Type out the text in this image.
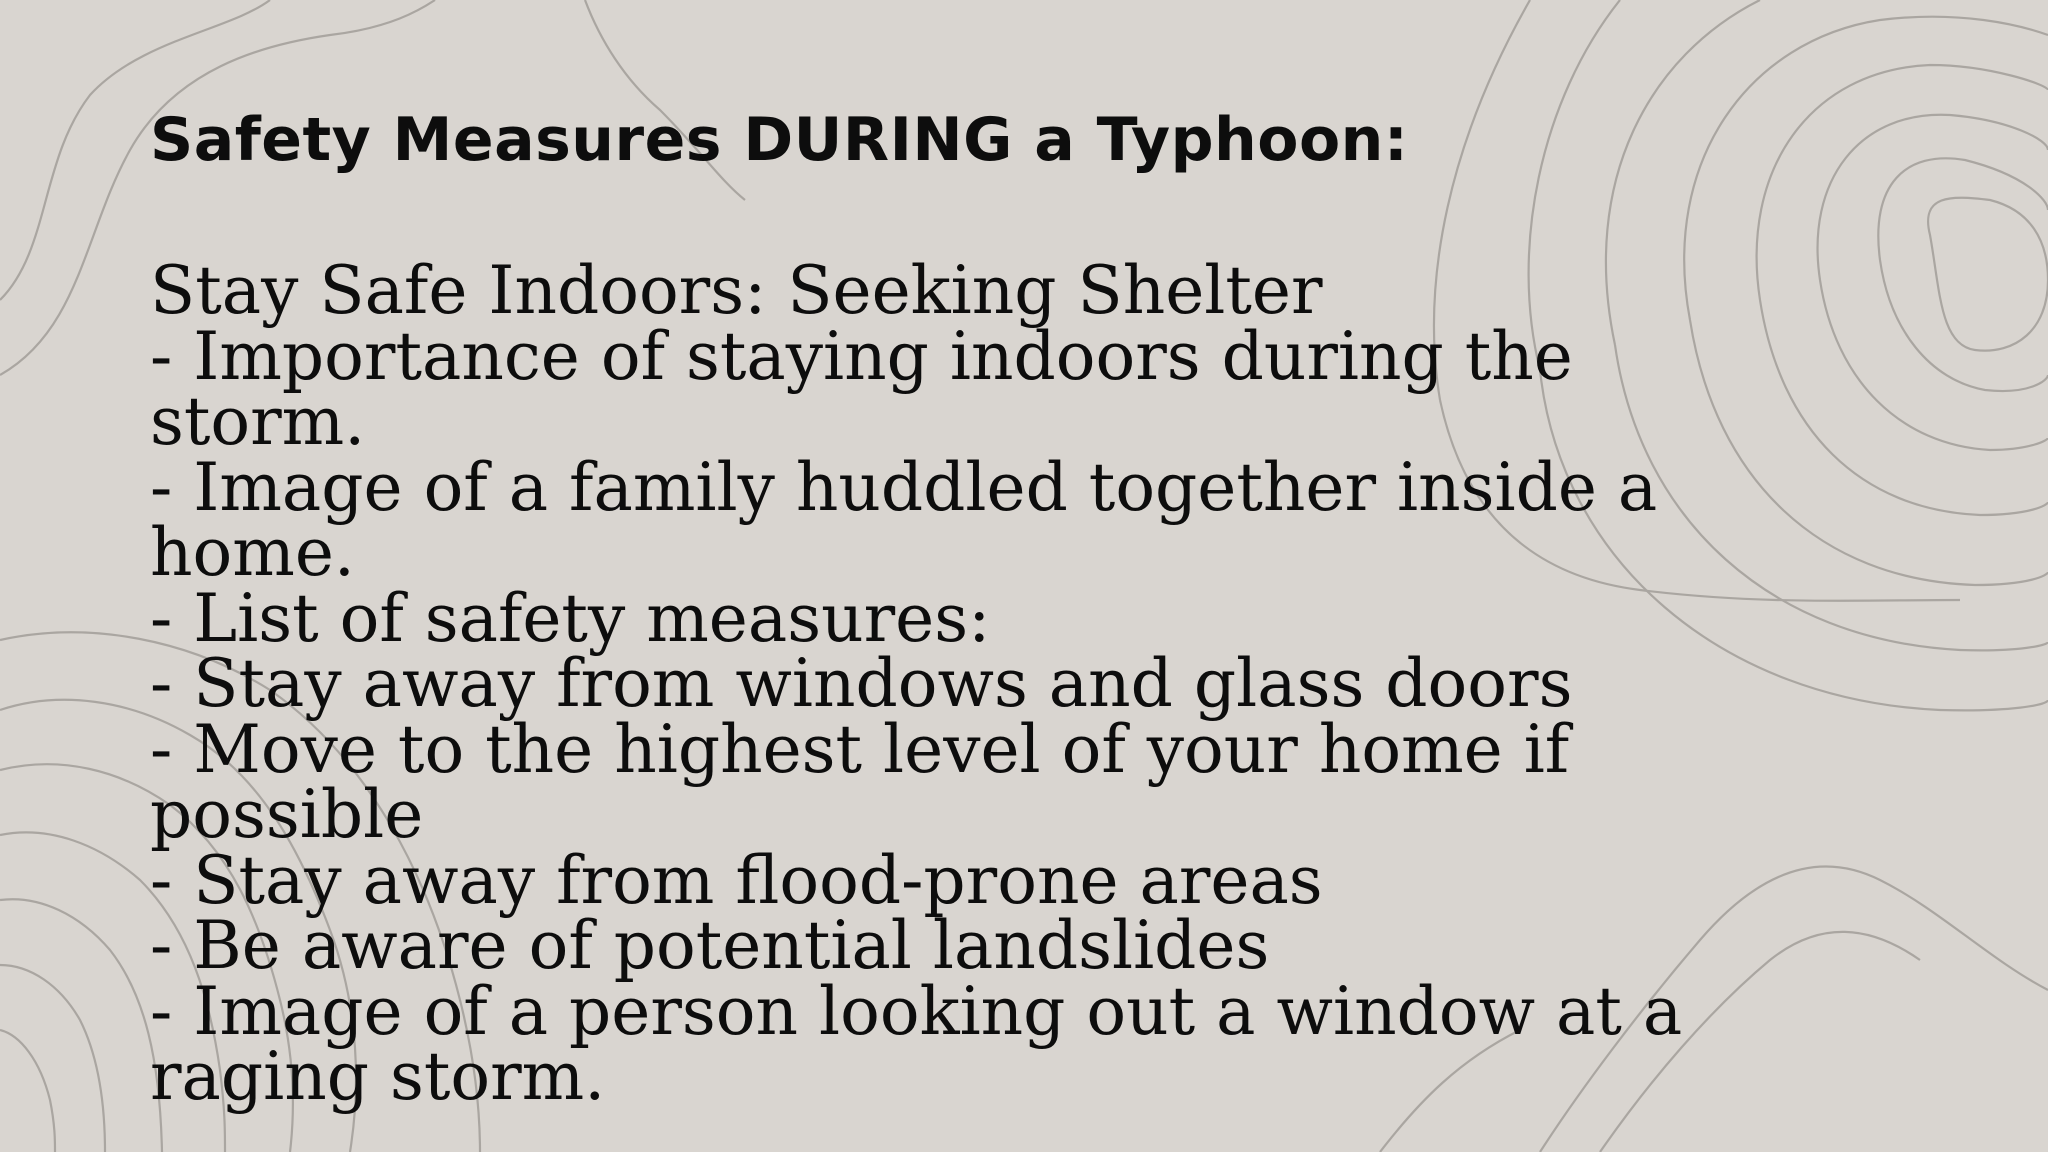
Safety Measures DURING a Typhoon:
Stay Safe Indoors: Seeking Shelter
- Importance of staying indoors during the
storm.
- Image of a family huddled together inside a
home.
- List of safety measures:
- Stay away from windows and glass doors
- Move to the highest level of your home if
possible
- Stay away from flood-prone areas
- Be aware of potential landslides
- Image of a person looking out a window at a
raging storm.
